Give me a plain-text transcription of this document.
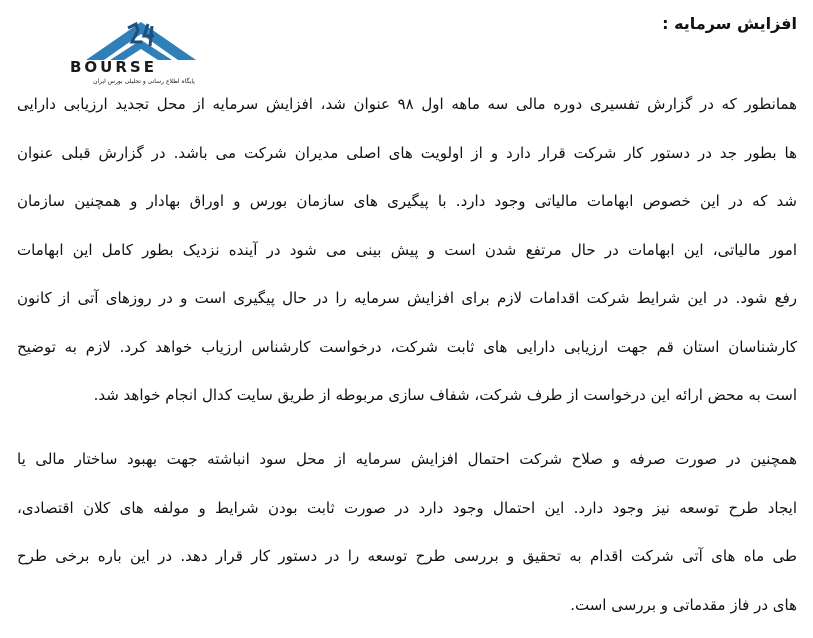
افزایش سرمایه :
BOURSE
پایگاه اطلاع رسانی و تحلیلی بورس ایران
همانطور که در گزارش تفسیری دوره مالی سه ماهه اول ۹۸ عنوان شد، افزایش سرمایه از محل تجدید ارزیابی دارایی
ها بطور جد در دستور کار شرکت قرار دارد و از اولویت های اصلی مدیران شرکت می باشد. در گزارش قبلی عنوان
شد که در این خصوص ابهامات مالیاتی وجود دارد. با پیگیری های سازمان بورس و اوراق بهادار و همچنین سازمان
امور مالیاتی، این ابهامات در حال مرتفع شدن است و پیش بینی می شود در آینده نزدیک بطور کامل این ابهامات
رفع شود. در این شرایط شرکت اقدامات لازم برای افزایش سرمایه را در حال پیگیری است و در روزهای آتی از کانون
کارشناسان استان قم جهت ارزیابی دارایی های ثابت شرکت، درخواست کارشناس ارزیاب خواهد کرد. لازم به توضیح
است به محض ارائه این درخواست از طرف شرکت، شفاف سازی مربوطه از طریق سایت کدال انجام خواهد شد.
همچنین در صورت صرفه و صلاح شرکت احتمال افزایش سرمایه از محل سود انباشته جهت بهبود ساختار مالی یا
ایجاد طرح توسعه نیز وجود دارد. این احتمال وجود دارد در صورت ثابت بودن شرایط و مولفه های کلان اقتصادی،
طی ماه های آتی شرکت اقدام به تحقیق و بررسی طرح توسعه را در دستور کار قرار دهد. در این باره برخی طرح
های در فاز مقدماتی و بررسی است.
